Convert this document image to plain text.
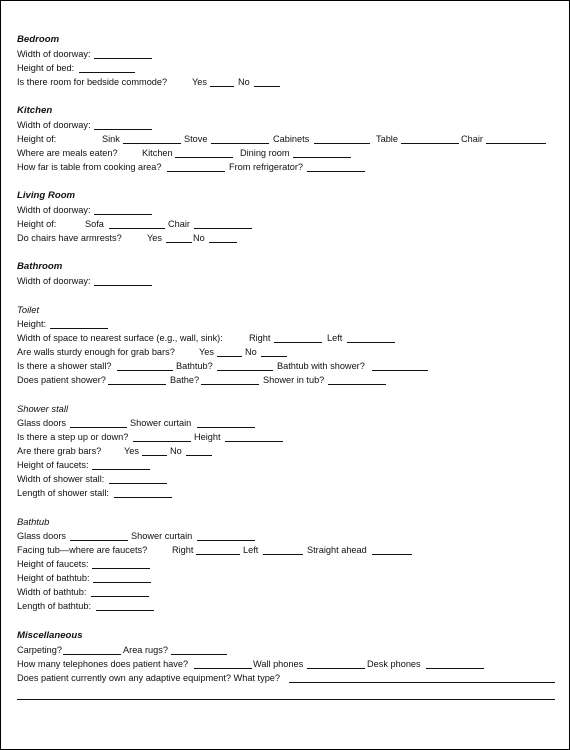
Bedroom
Width of doorway:
Height of bed:
Is there room for bedside commode?	Yes	No
Kitchen
Width of doorway:
Height of:	Sink	Stove	Cabinets	Table	Chair
Where are meals eaten?	Kitchen	Dining room
How far is table from cooking area?	From refrigerator?
Living Room
Width of doorway:
Height of:	Sofa	Chair
Do chairs have armrests?	Yes	No
Bathroom
Width of doorway:
Toilet
Height:
Width of space to nearest surface (e.g., wall, sink):	Right	Left
Are walls sturdy enough for grab bars?	Yes	No
Is there a shower stall?	Bathtub?	Bathtub with shower?
Does patient shower?	Bathe?	Shower in tub?
Shower stall
Glass doors	Shower curtain
Is there a step up or down?	Height
Are there grab bars? Yes	No
Height of faucets:
Width of shower stall:
Length of shower stall:
Bathtub
Glass doors	Shower curtain
Facing tub—where are faucets?	Right	Left	Straight ahead
Height of faucets:
Height of bathtub:
Width of bathtub:
Length of bathtub:
Miscellaneous
Carpeting?	Area rugs?
How many telephones does patient have?	Wall phones	Desk phones
Does patient currently own any adaptive equipment? What type?
